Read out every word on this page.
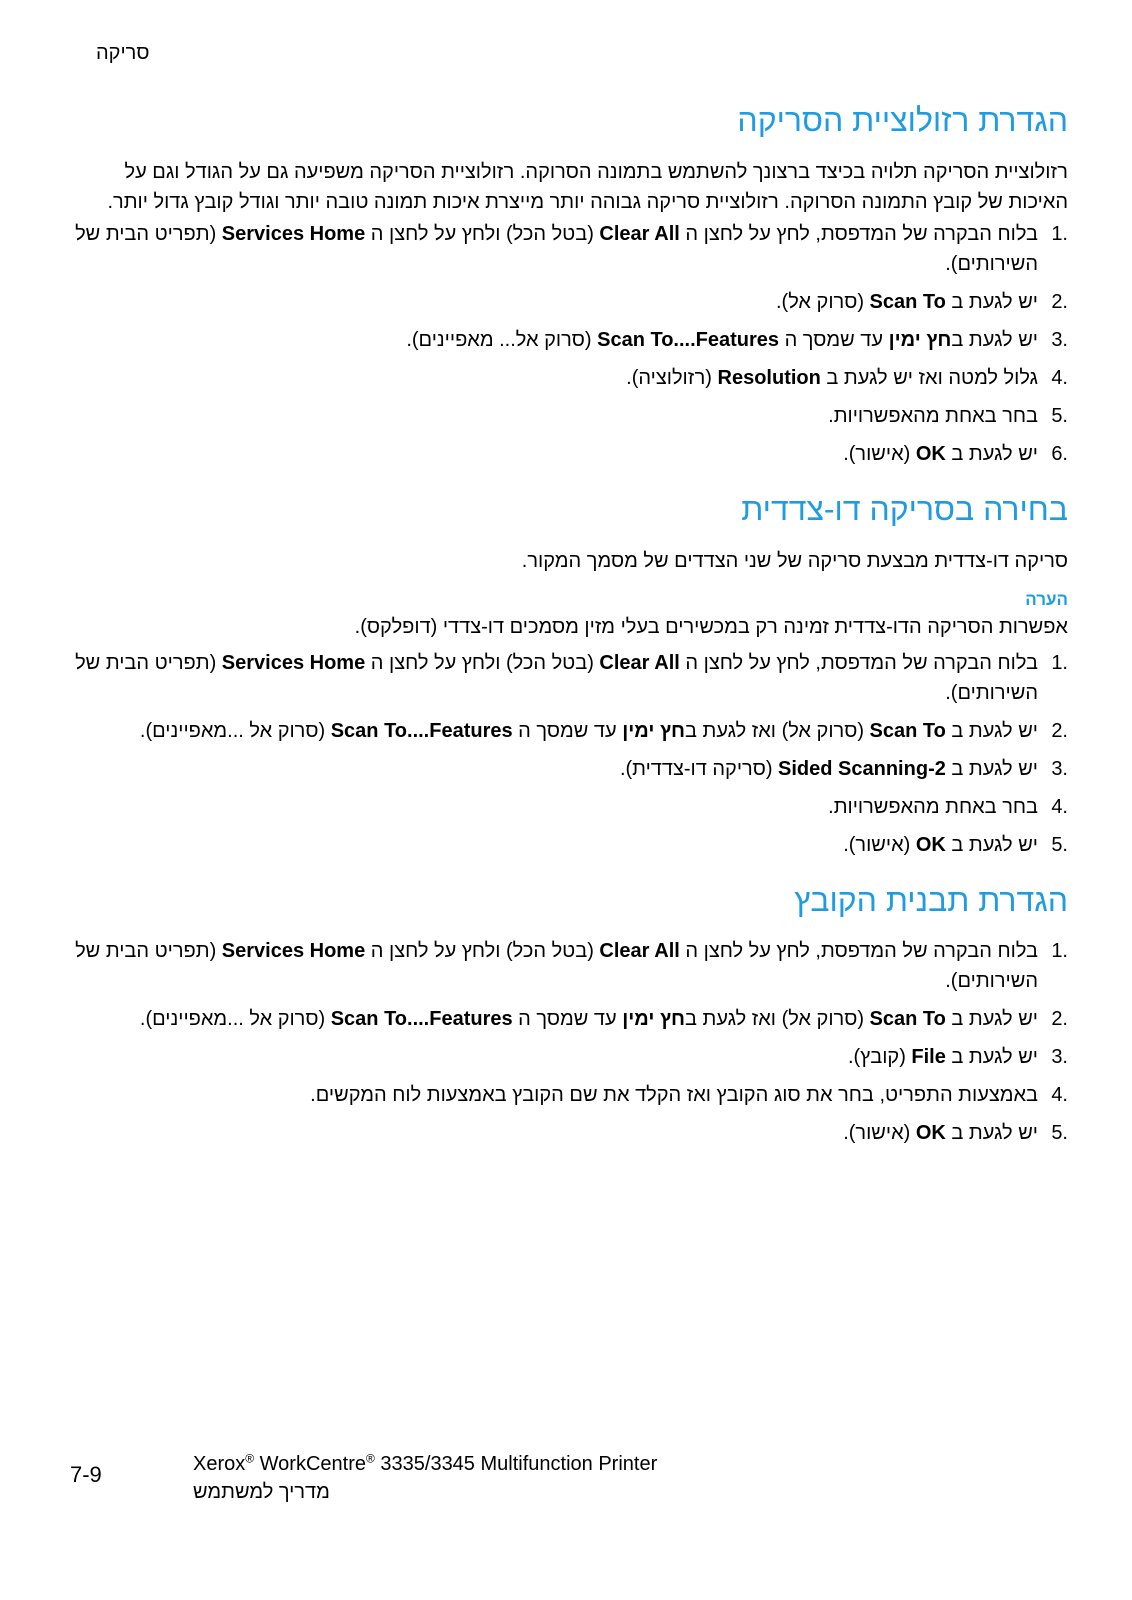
סריקה
הגדרת רזולוציית הסריקה

רזולוציית הסריקה תלויה בכיצד ברצונך להשתמש בתמונה הסרוקה. רזולוציית הסריקה משפיעה גם על הגודל וגם על האיכות של קובץ התמונה הסרוקה. רזולוציית סריקה גבוהה יותר מייצרת איכות תמונה טובה יותר וגודל קובץ גדול יותר.

1.
בלוח הבקרה של המדפסת, לחץ על לחצן ה Clear All (בטל הכל) ולחץ על לחצן ה Services Home (תפריט הבית של השירותים).
2.
יש לגעת ב Scan To (סרוק אל).
3.
יש לגעת בחץ ימין עד שמסך ה Scan To....Features (סרוק אל... מאפיינים).
4.
גלול למטה ואז יש לגעת ב Resolution (רזולוציה).
5.
בחר באחת מהאפשרויות.
6.
יש לגעת ב OK (אישור).
בחירה בסריקה דו-צדדית

סריקה דו-צדדית מבצעת סריקה של שני הצדדים של מסמך המקור.

הערה

אפשרות הסריקה הדו-צדדית זמינה רק במכשירים בעלי מזין מסמכים דו-צדדי (דופלקס).

1.
בלוח הבקרה של המדפסת, לחץ על לחצן ה Clear All (בטל הכל) ולחץ על לחצן ה Services Home (תפריט הבית של השירותים).
2.
יש לגעת ב Scan To (סרוק אל) ואז לגעת בחץ ימין עד שמסך ה Scan To....Features (סרוק אל ...מאפיינים).
3.
יש לגעת ב 2-Sided Scanning (סריקה דו-צדדית).
4.
בחר באחת מהאפשרויות.
5.
יש לגעת ב OK (אישור).
הגדרת תבנית הקובץ
1.
בלוח הבקרה של המדפסת, לחץ על לחצן ה Clear All (בטל הכל) ולחץ על לחצן ה Services Home (תפריט הבית של השירותים).
2.
יש לגעת ב Scan To (סרוק אל) ואז לגעת בחץ ימין עד שמסך ה Scan To....Features (סרוק אל ...מאפיינים).
3.
יש לגעת ב File (קובץ).
4.
באמצעות התפריט, בחר את סוג הקובץ ואז הקלד את שם הקובץ באמצעות לוח המקשים.
5.
יש לגעת ב OK (אישור).
7-9	Xerox® WorkCentre® 3335/3345 Multifunction Printer
מדריך למשתמש
